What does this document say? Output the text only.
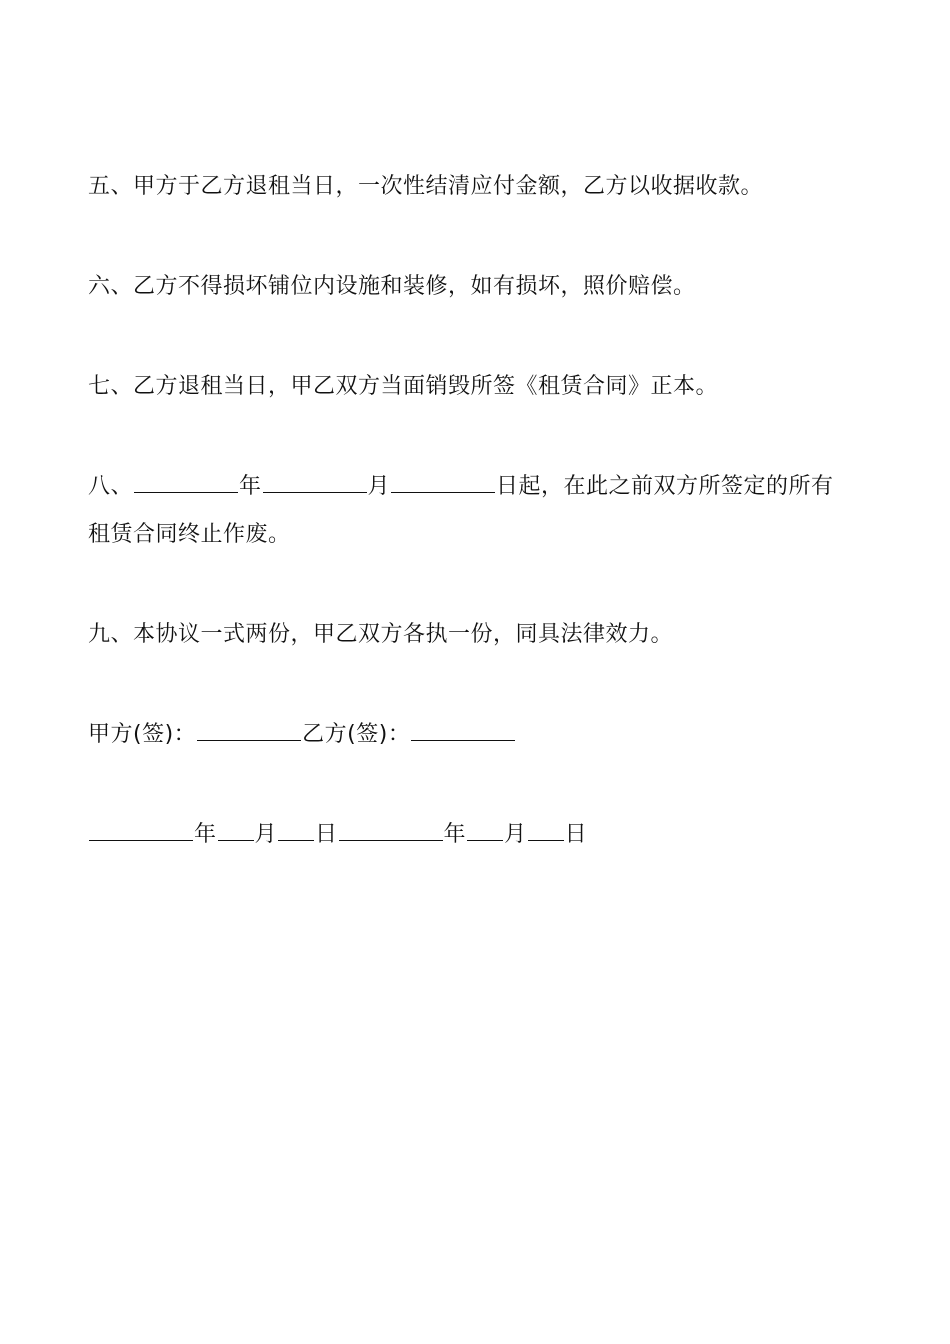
五、甲方于乙方退租当日，一次性结清应付金额，乙方以收据收款。
六、乙方不得损坏铺位内设施和装修，如有损坏，照价赔偿。
七、乙方退租当日，甲乙双方当面销毁所签《租赁合同》正本。
八、	年	月	日起，在此之前双方所签定的所有
租赁合同终止作废。
九、本协议一式两份，甲乙双方各执一份，同具法律效力。
甲方(签)：	乙方(签)：
年 月 日	年 月 日
